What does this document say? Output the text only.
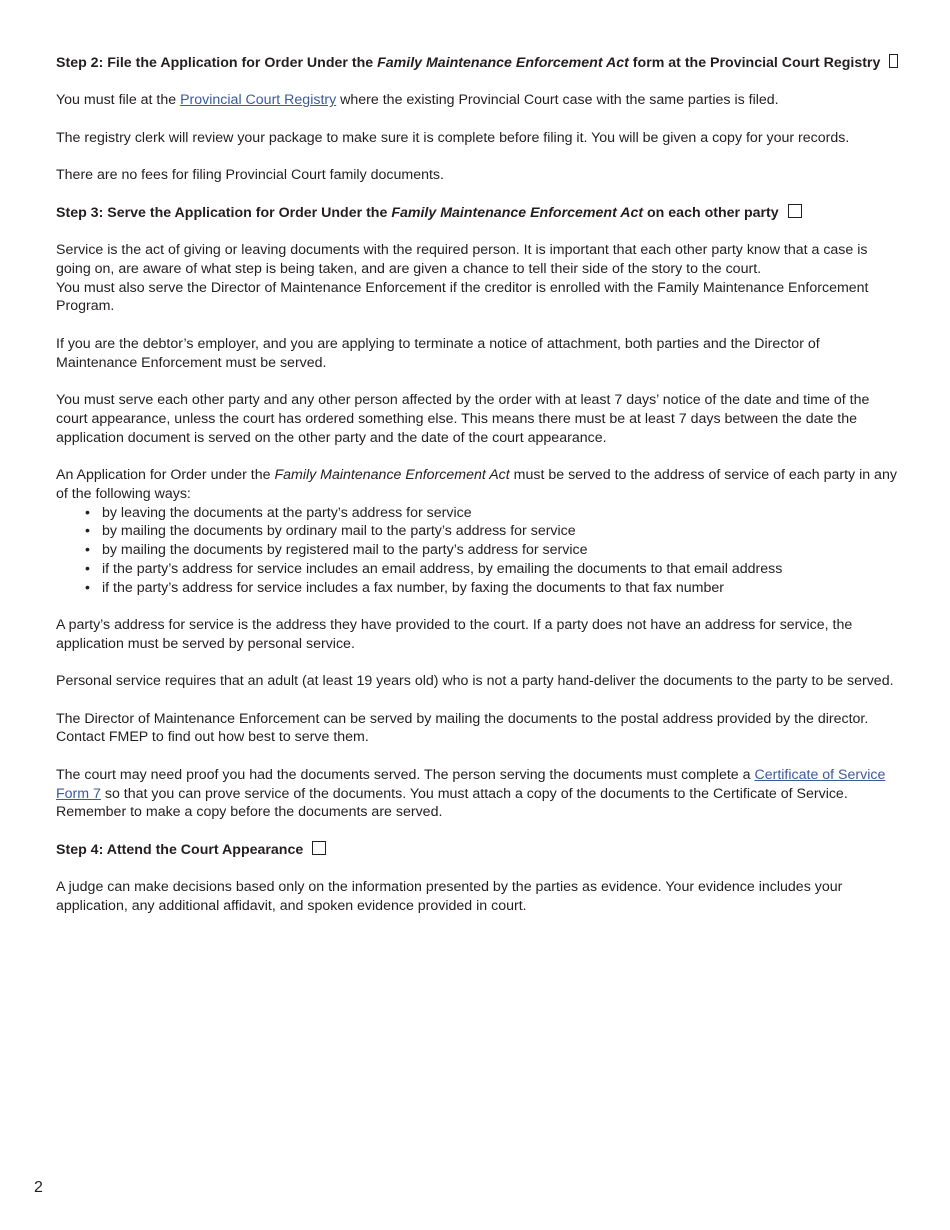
Step 2: File the Application for Order Under the Family Maintenance Enforcement Act form at the Provincial Court Registry

You must file at the Provincial Court Registry where the existing Provincial Court case with the same parties is filed.

The registry clerk will review your package to make sure it is complete before filing it. You will be given a copy for your records.

There are no fees for filing Provincial Court family documents.

Step 3: Serve the Application for Order Under the Family Maintenance Enforcement Act on each other party

Service is the act of giving or leaving documents with the required person. It is important that each other party know that a case is going on, are aware of what step is being taken, and are given a chance to tell their side of the story to the court.

You must also serve the Director of Maintenance Enforcement if the creditor is enrolled with the Family Maintenance Enforcement Program.

If you are the debtor’s employer, and you are applying to terminate a notice of attachment, both parties and the Director of Maintenance Enforcement must be served.

You must serve each other party and any other person affected by the order with at least 7 days’ notice of the date and time of the court appearance, unless the court has ordered something else. This means there must be at least 7 days between the date the application document is served on the other party and the date of the court appearance.

An Application for Order under the Family Maintenance Enforcement Act must be served to the address of service of each party in any of the following ways:

• by leaving the documents at the party’s address for service
• by mailing the documents by ordinary mail to the party’s address for service
• by mailing the documents by registered mail to the party’s address for service
• if the party’s address for service includes an email address, by emailing the documents to that email address
• if the party’s address for service includes a fax number, by faxing the documents to that fax number

A party’s address for service is the address they have provided to the court. If a party does not have an address for service, the application must be served by personal service.

Personal service requires that an adult (at least 19 years old) who is not a party hand-deliver the documents to the party to be served.

The Director of Maintenance Enforcement can be served by mailing the documents to the postal address provided by the director. Contact FMEP to find out how best to serve them.

The court may need proof you had the documents served. The person serving the documents must complete a Certificate of Service Form 7 so that you can prove service of the documents. You must attach a copy of the documents to the Certificate of Service. Remember to make a copy before the documents are served.

Step 4: Attend the Court Appearance

A judge can make decisions based only on the information presented by the parties as evidence. Your evidence includes your application, any additional affidavit, and spoken evidence provided in court.

2
